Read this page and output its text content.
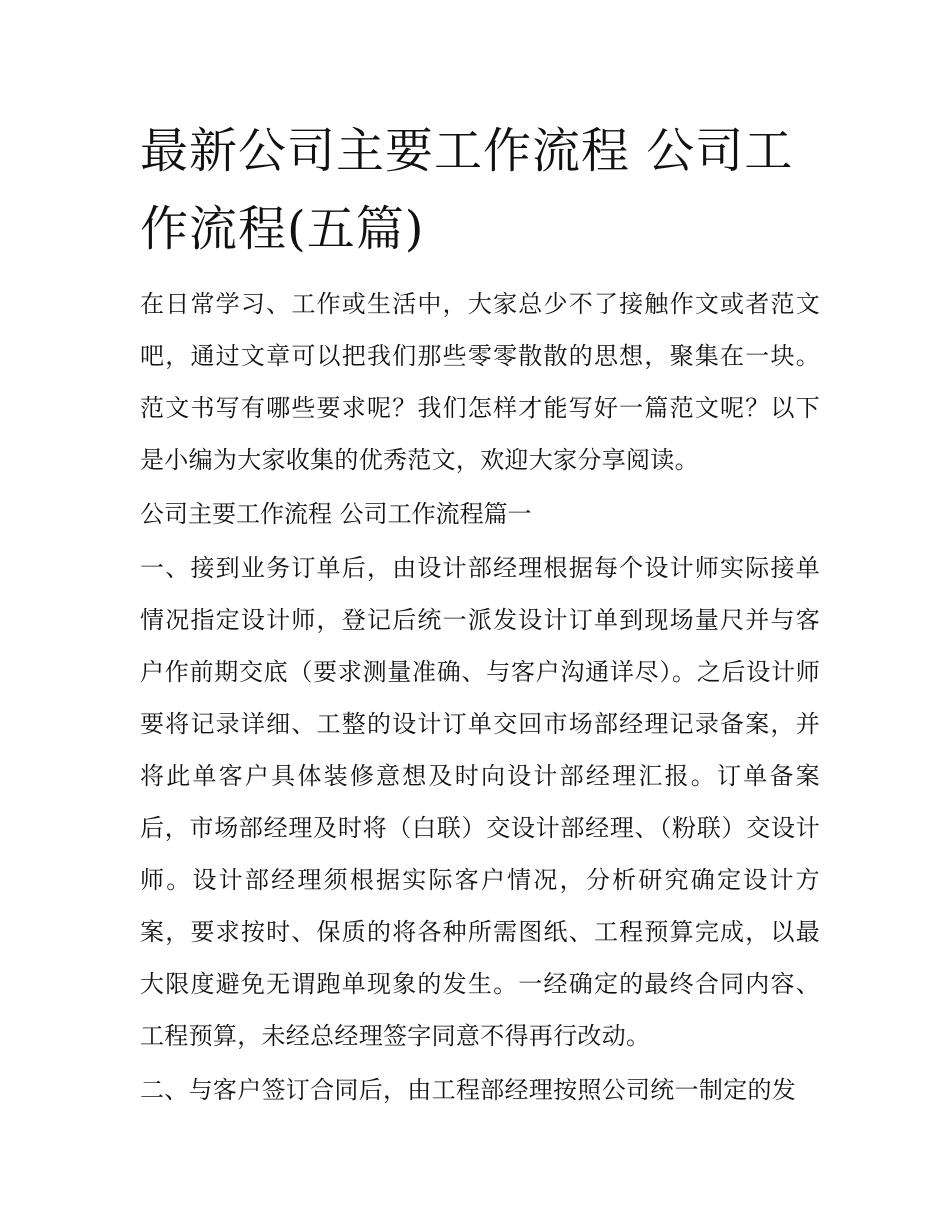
最新公司主要工作流程 公司工作流程(五篇)

在日常学习、工作或生活中，大家总少不了接触作文或者范文吧，通过文章可以把我们那些零零散散的思想，聚集在一块。范文书写有哪些要求呢？我们怎样才能写好一篇范文呢？以下是小编为大家收集的优秀范文，欢迎大家分享阅读。

公司主要工作流程 公司工作流程篇一

一、接到业务订单后，由设计部经理根据每个设计师实际接单情况指定设计师，登记后统一派发设计订单到现场量尺并与客户作前期交底（要求测量准确、与客户沟通详尽）。之后设计师要将记录详细、工整的设计订单交回市场部经理记录备案，并将此单客户具体装修意想及时向设计部经理汇报。订单备案后，市场部经理及时将（白联）交设计部经理、（粉联）交设计师。设计部经理须根据实际客户情况，分析研究确定设计方案，要求按时、保质的将各种所需图纸、工程预算完成，以最大限度避免无谓跑单现象的发生。一经确定的最终合同内容、工程预算，未经总经理签字同意不得再行改动。

二、与客户签订合同后，由工程部经理按照公司统一制定的发
